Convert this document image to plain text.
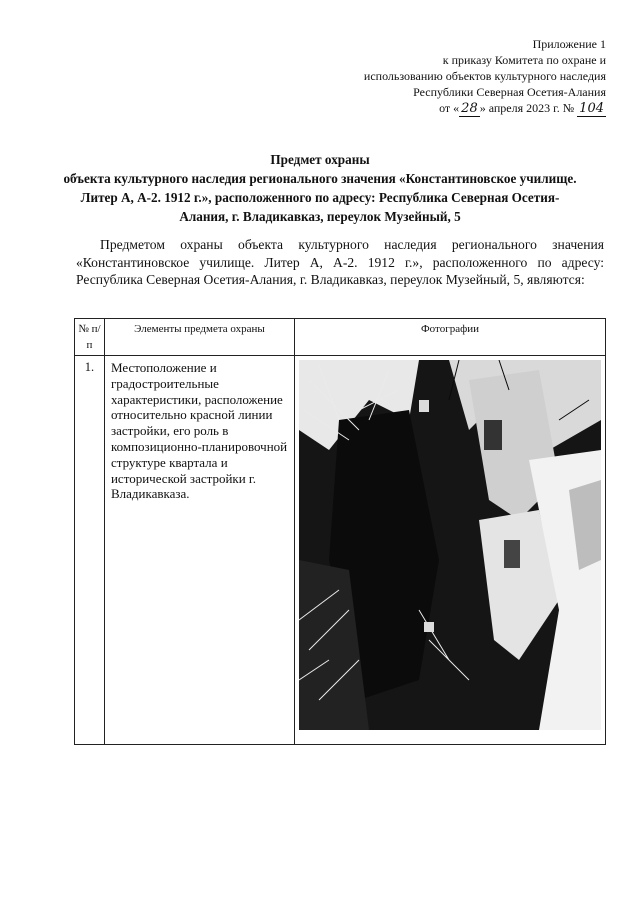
Приложение 1
к приказу Комитета по охране и
использованию объектов культурного наследия
Республики Северная Осетия-Алания
от « 28 » апреля 2023 г. № 104
Предмет охраны
объекта культурного наследия регионального значения «Константиновское училище. Литер А, А-2. 1912 г.», расположенного по адресу: Республика Северная Осетия-Алания, г. Владикавказ, переулок Музейный, 5
Предметом охраны объекта культурного наследия регионального значения «Константиновское училище. Литер А, А-2. 1912 г.», расположенного по адресу: Республика Северная Осетия-Алания, г. Владикавказ, переулок Музейный, 5, являются:
№ п/п	Элементы предмета охраны	Фотографии
1.	Местоположение и градостроительные характеристики, расположение относительно красной линии застройки, его роль в композиционно-планировочной структуре квартала и исторической застройки г. Владикавказа.	
